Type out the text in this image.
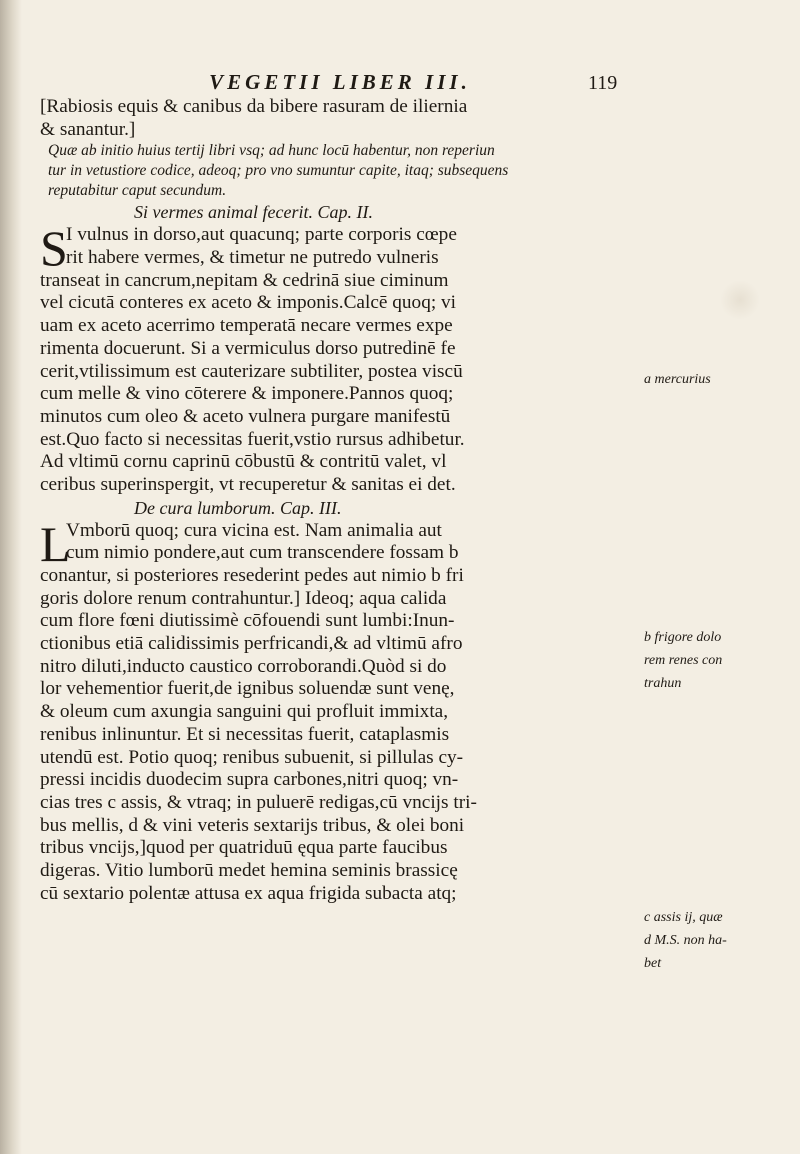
VEGETII LIBER III.	119
[Rabiosis equis & canibus da bibere rasuram de iliernia
& sanantur.]
Quæ ab initio huius tertij libri vsq; ad hunc locū habentur, non reperiun
tur in vetustiore codice, adeoq; pro vno sumuntur capite, itaq; subsequens
reputabitur caput secundum.
Si vermes animal fecerit. Cap. II.
S
I vulnus in dorso,aut quacunq; parte corporis cœpe
rit habere vermes, & timetur ne putredo vulneris
transeat in cancrum,nepitam & cedrinā siue ciminum
vel cicutā conteres ex aceto & imponis.Calcē quoq; vi
uam ex aceto acerrimo temperatā necare vermes expe
rimenta docuerunt. Si a vermiculus dorso putredinē fe
cerit,vtilissimum est cauterizare subtiliter, postea viscū
cum melle & vino cōterere & imponere.Pannos quoq;
minutos cum oleo & aceto vulnera purgare manifestū
est.Quo facto si necessitas fuerit,vstio rursus adhibetur.
Ad vltimū cornu caprinū cōbustū & contritū valet, vl
ceribus superinspergit, vt recuperetur & sanitas ei det.
De cura lumborum. Cap. III.
L
Vmborū quoq; cura vicina est. Nam animalia aut
cum nimio pondere,aut cum transcendere fossam b
conantur, si posteriores resederint pedes aut nimio b fri
goris dolore renum contrahuntur.] Ideoq; aqua calida
cum flore fœni diutissimè cōfouendi sunt lumbi:Inun-
ctionibus etiā calidissimis perfricandi,& ad vltimū afro
nitro diluti,inducto caustico corroborandi.Quòd si do
lor vehementior fuerit,de ignibus soluendæ sunt venę,
& oleum cum axungia sanguini qui profluit immixta,
renibus inlinuntur. Et si necessitas fuerit, cataplasmis
utendū est. Potio quoq; renibus subuenit, si pillulas cy-
pressi incidis duodecim supra carbones,nitri quoq; vn-
cias tres c assis, & vtraq; in puluerē redigas,cū vncijs tri-
bus mellis, d & vini veteris sextarijs tribus, & olei boni
tribus vncijs,]quod per quatriduū ęqua parte faucibus
digeras. Vitio lumborū medet hemina seminis brassicę
cū sextario polentæ attusa ex aqua frigida subacta atq;
a mercurius
b frigore dolo
rem renes con
trahun
c assis ij, quæ
d M.S. non ha-
bet
